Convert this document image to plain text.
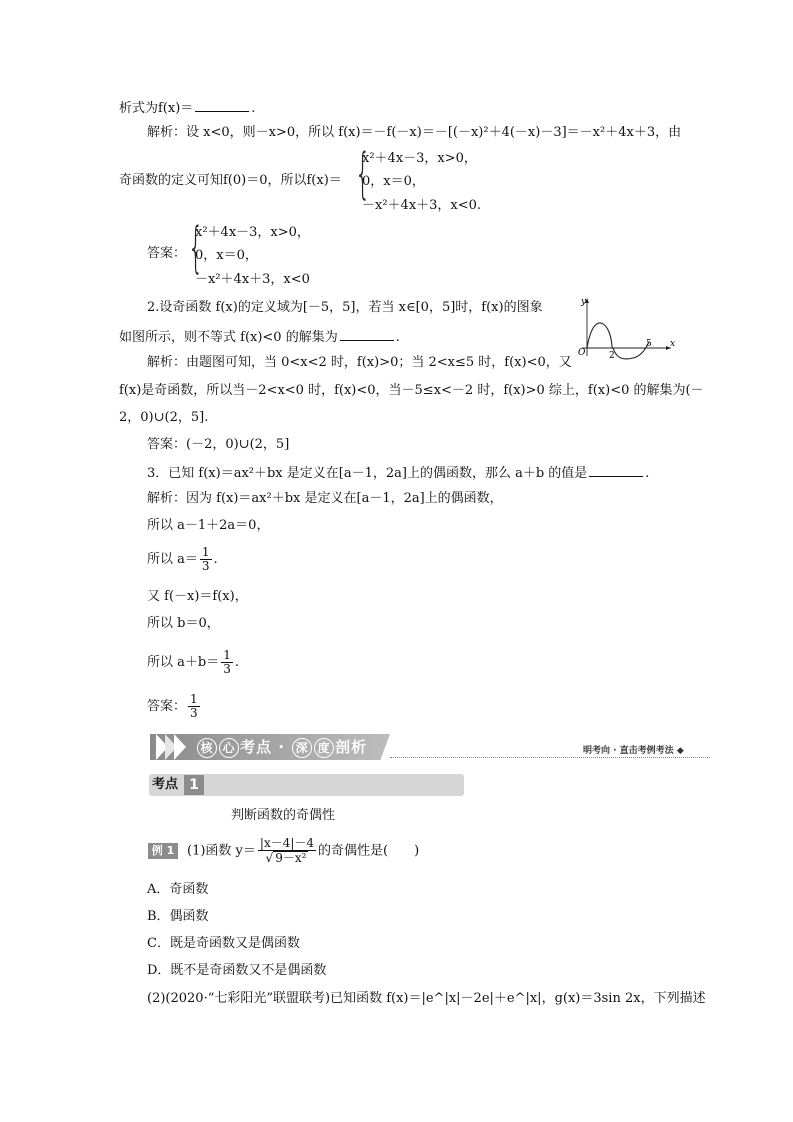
析式为f(x)＝	.
解析：设 x<0，则－x>0，所以 f(x)＝－f(－x)＝－[(－x)²＋4(－x)－3]＝－x²＋4x＋3，由
奇函数的定义可知f(0)＝0，所以f(x)＝ {
x²＋4x－3，x>0，
0，x＝0，
－x²＋4x＋3，x<0.
答案： {
x²＋4x－3，x>0，
0，x＝0，
－x²＋4x＋3，x<0
2.设奇函数 f(x)的定义域为[－5，5]，若当 x∈[0，5]时，f(x)的图象
如图所示，则不等式 f(x)<0 的解集为	.
y
x
O	2
5
解析：由题图可知，当 0<x<2 时，f(x)>0；当 2<x≤5 时，f(x)<0，又
f(x)是奇函数，所以当－2<x<0 时，f(x)<0，当－5≤x<－2 时，f(x)>0 综上，f(x)<0 的解集为(－
2，0)∪(2，5].
答案：(－2，0)∪(2，5]
3．已知 f(x)＝ax²＋bx 是定义在[a－1，2a]上的偶函数，那么 a＋b 的值是	.
解析：因为 f(x)＝ax²＋bx 是定义在[a－1，2a]上的偶函数，
所以 a－1＋2a＝0，
所以 $a= \frac{1}{3}$ .
又 f(－x)＝f(x)，
所以 b＝0，
所以 $a+b= \frac{1}{3}$ .
答案： $\frac{1}{3}$
核 心 考点 · 深 度 剖析	明考向 · 直击考例考法 ◆
考点 1
判断函数的奇偶性
例 1 (1)函数 $y= \frac{|x-4|-4}{\text{√ 9－x²}}$ 的奇偶性是(　　)
A．奇函数
B．偶函数
C．既是奇函数又是偶函数
D．既不是奇函数又不是偶函数
(2)(2020·“七彩阳光”联盟联考)已知函数 f(x)＝|e^|x|－2e|＋e^|x|，g(x)＝3sin 2x，下列描述
